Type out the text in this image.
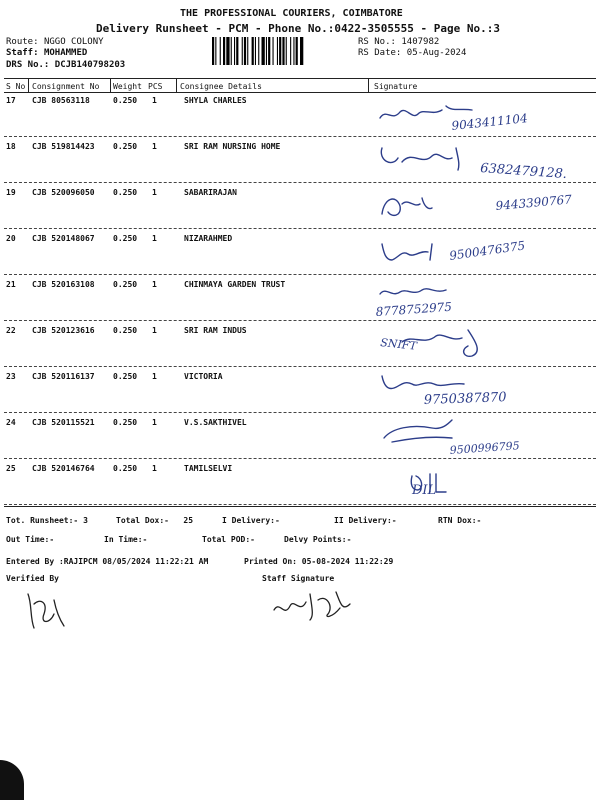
THE PROFESSIONAL COURIERS, COIMBATORE
Delivery Runsheet - PCM - Phone No.:0422-3505555 - Page No.:3
Route: NGGO COLONY
Staff: MOHAMMED
DRS No.: DCJB140798203
RS No.: 1407982
RS Date: 05-Aug-2024
S No Consignment No Weight PCS Consignee Details	Signature
17 CJB 80563118	0.250 1	SHYLA CHARLES
9043411104
18 CJB 519814423 0.250 1	SRI RAM NURSING HOME
6382479128.
19 CJB 520096050 0.250 1	SABARIRAJAN	9443390767
20 CJB 520148067 0.250 1	NIZARAHMED	9500476375
21 CJB 520163108 0.250 1	CHINMAYA GARDEN TRUST
8778752975
22 CJB 520123616 0.250 1	SRI RAM INDUS
SNIFT
23 CJB 520116137 0.250 1	VICTORIA
9750387870
24 CJB 520115521 0.250 1	V.S.SAKTHIVEL
9500996795
25 CJB 520146764 0.250 1	TAMILSELVI
DIL
Tot. Runsheet:- 3	Total Dox:-   25	I Delivery:-	II Delivery:-	RTN Dox:-
Out Time:-	In Time:-	Total POD:-	Delvy Points:-
Entered By :RAJIPCM 08/05/2024 11:22:21 AM	Printed On: 05-08-2024 11:22:29
Verified By	Staff Signature
